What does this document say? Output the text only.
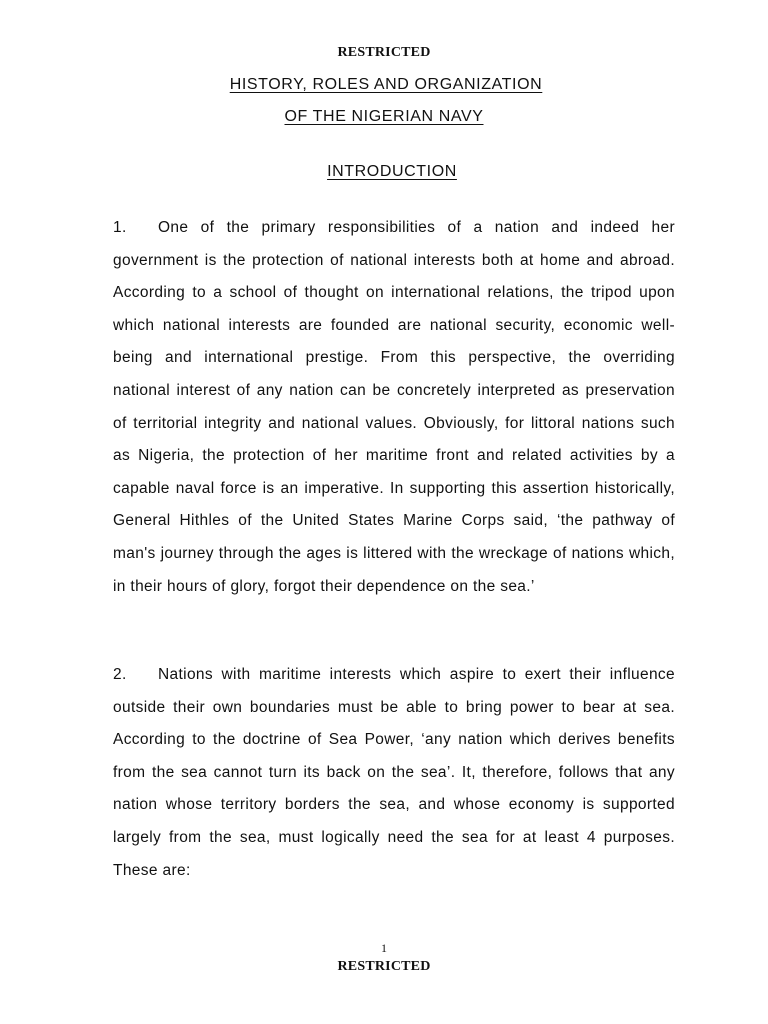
RESTRICTED
HISTORY, ROLES AND ORGANIZATION
OF THE NIGERIAN NAVY
INTRODUCTION

1. One of the primary responsibilities of a nation and indeed her government is the protection of national interests both at home and abroad. According to a school of thought on international relations, the tripod upon which national interests are founded are national security, economic well-being and international prestige. From this perspective, the overriding national interest of any nation can be concretely interpreted as preservation of territorial integrity and national values. Obviously, for littoral nations such as Nigeria, the protection of her maritime front and related activities by a capable naval force is an imperative. In supporting this assertion historically, General Hithles of the United States Marine Corps said, ‘the pathway of man's journey through the ages is littered with the wreckage of nations which, in their hours of glory, forgot their dependence on the sea.’

2. Nations with maritime interests which aspire to exert their influence outside their own boundaries must be able to bring power to bear at sea. According to the doctrine of Sea Power, ‘any nation which derives benefits from the sea cannot turn its back on the sea’. It, therefore, follows that any nation whose territory borders the sea, and whose economy is supported largely from the sea, must logically need the sea for at least 4 purposes. These are:

1
RESTRICTED
